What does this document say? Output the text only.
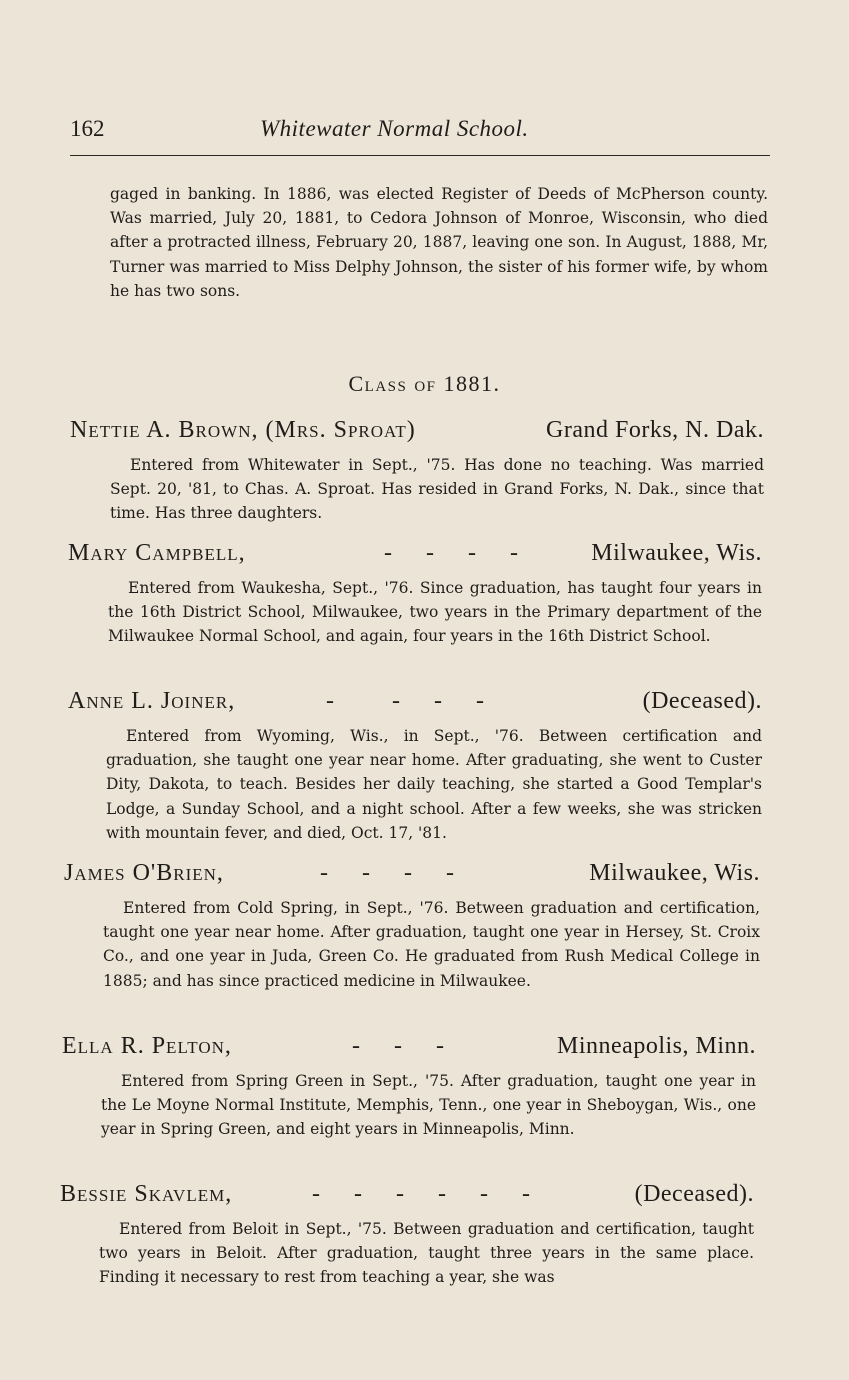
162	Whitewater Normal School.

gaged in banking. In 1886, was elected Register of Deeds of McPherson county. Was married, July 20, 1881, to Cedora Johnson of Monroe, Wisconsin, who died after a protracted illness, February 20, 1887, leaving one son. In August, 1888, Mr, Turner was married to Miss Delphy Johnson, the sister of his former wife, by whom he has two sons.

Class of 1881.
Nettie A. Brown, (Mrs. Sproat)	Grand Forks, N. Dak.

Entered from Whitewater in Sept., '75. Has done no teaching. Was married Sept. 20, '81, to Chas. A. Sproat. Has resided in Grand Forks, N. Dak., since that time. Has three daughters.

Mary Campbell,	-    -    -    -	Milwaukee, Wis.

Entered from Waukesha, Sept., '76. Since graduation, has taught four years in the 16th District School, Milwaukee, two years in the Primary department of the Milwaukee Normal School, and again, four years in the 16th District School.

Anne L. Joiner,	-       -    -    -	(Deceased).

Entered from Wyoming, Wis., in Sept., '76. Between certification and graduation, she taught one year near home. After graduating, she went to Custer Dity, Dakota, to teach. Besides her daily teaching, she started a Good Templar's Lodge, a Sunday School, and a night school. After a few weeks, she was stricken with mountain fever, and died, Oct. 17, '81.

James O'Brien,	-    -    -    -	Milwaukee, Wis.

Entered from Cold Spring, in Sept., '76. Between graduation and certification, taught one year near home. After graduation, taught one year in Hersey, St. Croix Co., and one year in Juda, Green Co. He graduated from Rush Medical College in 1885; and has since practiced medicine in Milwaukee.

Ella R. Pelton,	-    -    -	Minneapolis, Minn.

Entered from Spring Green in Sept., '75. After graduation, taught one year in the Le Moyne Normal Institute, Memphis, Tenn., one year in Sheboygan, Wis., one year in Spring Green, and eight years in Minneapolis, Minn.

Bessie Skavlem,	-    -    -    -    -    -	(Deceased).

Entered from Beloit in Sept., '75. Between graduation and certification, taught two years in Beloit. After graduation, taught three years in the same place. Finding it necessary to rest from teaching a year, she was
